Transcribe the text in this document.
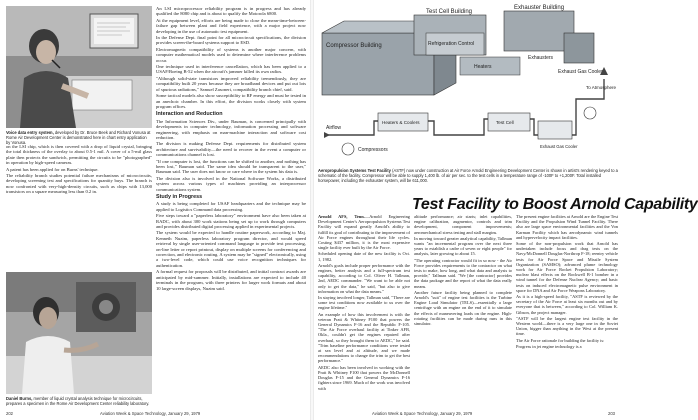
Voice data entry system, developed by Dr. Bruce Beek and Richard Vonusa at Rome Air Development Center is demonstrated here in chart entry application by Vonusa.

on the LSI chip, which is then covered with a drop of liquid crystal, bringing the total thickness of the overlay to about 0.5-1 mil. A cover of a 5-mil glass plate then protects the sandwich, permitting the circuits to be "photographed" in operation by high-speed cameras.

A patent has been applied for on Burns' technique.

The reliability branch studies potential failure mechanisms of microcircuits, developing screening test and specifications for quantity buys. The branch is now confronted with very-high-density circuits, such as chips with 13,000 transistors on a square measuring less than 0.2 in.

An LSI microprocessor reliability program is in progress and has already qualified the 8080 chip and is about to qualify the Motorola 6800.

At the equipment level, efforts are being made to close the mean-time-between-failure gap between plant and field experience, with a major project now developing in the use of automatic test equipment.

In the Defense Dept. final point for all microcircuit specifications, the division provides screen-the-board systems support to ESD.

Electromagnetic compatibility of systems is another major concern, with computer mathematical models used to determine where interference problems occur.

One technique used in interference cancellation, which has been applied to a USAF/Boeing B-52 when the aircraft's jammer killed its own radios.

"Although solid-state transistors improved reliability tremendously, they are compatibility built 20 years because they are broadband devices and put out lots of spurious radiations," Samuel Zasoneri, compatibility branch chief, said.

Some tactical models also show susceptibility to RF energy and must be tested in an anechoic chamber. In this effort, the division works closely with system program offices.

Interaction and Reduction

The Information Sciences Div., under Bauman, is concerned principally with developments in computer technology, information processing and software engineering, with emphasis on man-machine interaction and software cost reduction.

The division is making Defense Dept. requirements for distributed system architecture and survivability—the need to recover in the event a computer or communications channel is lost.

"If one computer is lost, the functions can be shifted to another, and nothing has been lost," Bauman said. The same idea should be transparent to the user," Bauman said. The user does not know or care where in the system his data is.

The division also is involved in the National Software Works, a distributed system across various types of machines providing an interprocessor communications system.

Study in Progress

A study is being completed for USAF headquarters and the technique may be applied to Logistics Command data processing.

Five steps toward a "paperless laboratory" environment have also been taken at RADC, with about 300 work stations being set up to work through computers and provides distributed digital processing applied in experimental projects.

The system would be expected to handle routine paperwork, according to Maj. Kenneth Nuzim, paperless laboratory program director, and would speed retrieval by single user-oriented command language to provide text processing, on-line letter or report printout, display on multiple screens for conferencing and correction, and electronic routing. A system may be "signed" electronically, using a two-level code, which could use voice recognition techniques for authentication.

A formal request for proposals will be distributed, and initial contract awards are anticipated by mid-summer. Initially, installations are expected to include 40 terminals in the program, with three printers for larger work formats and about 10 large-screen displays, Nuzim said.

Daniel Burns, member of liquid crystal analysis technique for microcircuits, prepares a specimen in the Rome Air Development Center reliability laboratory.
202	Aviation Week & Space Technology, January 29, 1979
Test Cell Building
Exhauster Building
Compressor Building	Refrigeration Control
Exhaust Gas Cooler
Heaters
Exhausters
To Atmosphere
Airflow
Heaters & Coolers	Test Cell
Exhaust Gas Cooler
Compressors
Aeropropulsion Systems Test Facility (ASTF) now under construction at Air Force Arnold Engineering Development Center is shown in artist's rendering keyed to a schematic of the facility. Compressor will be able to supply 1,400 lb. of air per sec. to the test cells in a temperature range of -100F to +1,200F. Total installed horsepower, including the exhauster system, will be 611,000.
Test Facility to Boost Arnold Capability

Arnold AFS, Tenn.—Arnold Engineering Development Center's Aeropropulsion Systems Test Facility will expand greatly Arnold's ability to fulfill its goal of contributing to the improvement of Air Force engines throughout their life cycles. Costing $437 million, it is the most expensive single facility ever built by the Air Force.

Scheduled opening date of the new facility is Oct. 1, 1982.

Arnold's goals include proper performance with the engines, better analysis and a full-spectrum test capability, according to Col. Oliver H. Tallman, 2nd, AEDC commander. "We want to be able not only to get the data," he said, "but also to give information on what the data means."

In staying involved longer, Tallman said, "There are some test conditions now available to us over the engine lifetime."

An example of how this involvement is with the veteran Pratt & Whitney F100 that powers the General Dynamics F-16 and the Republic F-105. "The Air Force overhaul facility at Tinker AFB, Okla., couldn't get the engines repaired after overhaul, so they brought them to AEDC," he said. "Trim baseline performance conditions were tested at sea level and at altitude, and we made recommendations to change the trim to get the best performance."

AEDC also has been involved in working with the Pratt & Whitney F100 that powers the McDonnell Douglas F-15 and the General Dynamics F-16 fighters since 1969. Much of the work was involved with

altitude performance; air starts; inlet capabilities, engine calibration, augmentor, controls and trim development, component improvements; aeromechanical stress testing and stall margins.

In moving toward greater analytical capability, Tallman wants "an incremental program over the next three years to establish a cadre of seven or eight people" for analysis, later growing to about 15.

"The operating contractor would fit in so now - the Air Force provides requirements to the contractor on what tests to make, how long, and what data and analysis to provide," Tallman said. "We [the contractor] provides the data package and the report of what the data really means.

Another future facility being planned to complete Arnold's "suit" of engine test facilities is the Turbine Engine Load Simulator (TELS)—essentially a large centrifuge with an engine on the end of it to simulate the effects of maneuvering loads on the engine. High-rotating facilities can be made during runs in this simulator.

The present engine facilities at Arnold are the Engine Test Facility and the Propulsion Wind Tunnel Facility. There also are large space environmental facilities and the Von Karman Facility which has aerodynamic wind tunnels and hypervelocity impact facilities.

Some of the non-propulsion work that Arnold has undertaken include focus and drag tests on the Navy/McDonnell Douglas-Northrop F-18; reentry vehicle tests for Air Force Space and Missile System Organization (SAMSO); advanced plume technology work for Air Force Rocket Propulsion Laboratory; nuclear blast effects on the Rockwell B-1 bomber in a wind tunnel for the Defense Nuclear Agency; and basic tests on induced electromagnetic pulse environment in space for DNA and Air Force Weapons Laboratory.

As it is a high-speed facility, "ASTF is reviewed by the secretary of the Air Force at least six months out and by everyone that is between," according to Col. William K. Gibson, the project manager.

"ASTF will be the largest engine test facility in the Western world—there is a very large one in the Soviet Union, bigger than anything in the West at the present time.

The Air Force rationale for building the facility is:

Progress in jet engine technology is a

Aviation Week & Space Technology, January 29, 1979	203
